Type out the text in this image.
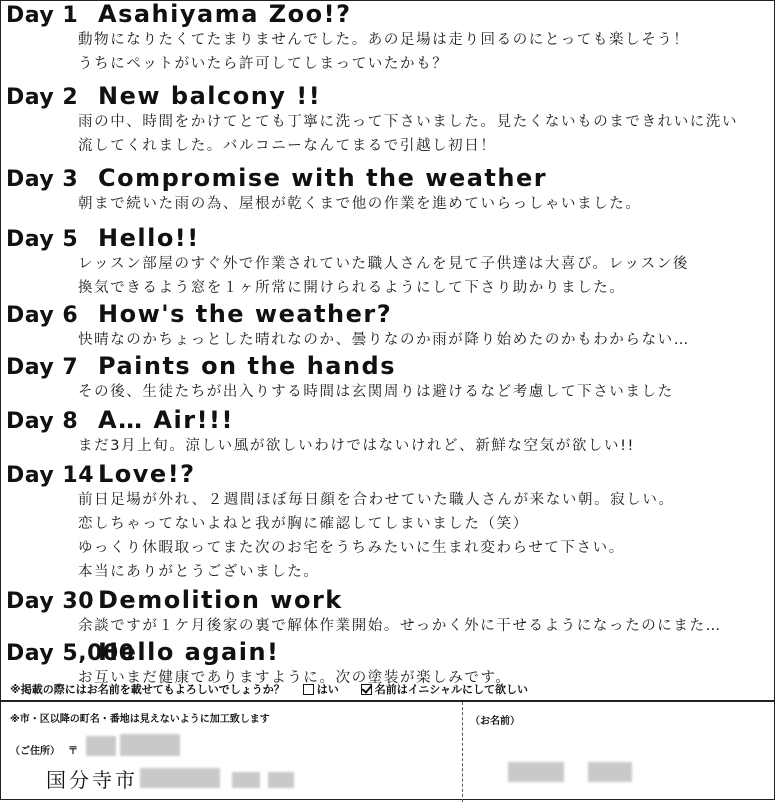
Day 1 Asahiyama Zoo!?
動物になりたくてたまりませんでした。あの足場は走り回るのにとっても楽しそう！
うちにペットがいたら許可してしまっていたかも？
Day 2 New balcony !!
雨の中、時間をかけてとても丁寧に洗って下さいました。見たくないものまできれいに洗い
流してくれました。バルコニーなんてまるで引越し初日！
Day 3 Compromise with the weather
朝まで続いた雨の為、屋根が乾くまで他の作業を進めていらっしゃいました。
Day 5 Hello!!
レッスン部屋のすぐ外で作業されていた職人さんを見て子供達は大喜び。レッスン後
換気できるよう窓を１ヶ所常に開けられるようにして下さり助かりました。
Day 6 How's the weather?
快晴なのかちょっとした晴れなのか、曇りなのか雨が降り始めたのかもわからない…
Day 7 Paints on the hands
その後、生徒たちが出入りする時間は玄関周りは避けるなど考慮して下さいました
Day 8 A… Air!!!
まだ3月上旬。涼しい風が欲しいわけではないけれど、新鮮な空気が欲しい!!
Day 14 Love!?
前日足場が外れ、２週間ほぼ毎日顔を合わせていた職人さんが来ない朝。寂しい。
恋しちゃってないよねと我が胸に確認してしまいました（笑）
ゆっくり休暇取ってまた次のお宅をうちみたいに生まれ変わらせて下さい。
本当にありがとうございました。
Day 30 Demolition work
余談ですが１ケ月後家の裏で解体作業開始。せっかく外に干せるようになったのにまた…
Day 5,000
Hello again!
お互いまだ健康でありますように。次の塗装が楽しみです。
※掲載の際にはお名前を載せてもよろしいでしょうか？	はい	名前はイニシャルにして欲しい
※市・区以降の町名・番地は見えないように加工致します
（ご住所） 〒
国分寺市
（お名前）
